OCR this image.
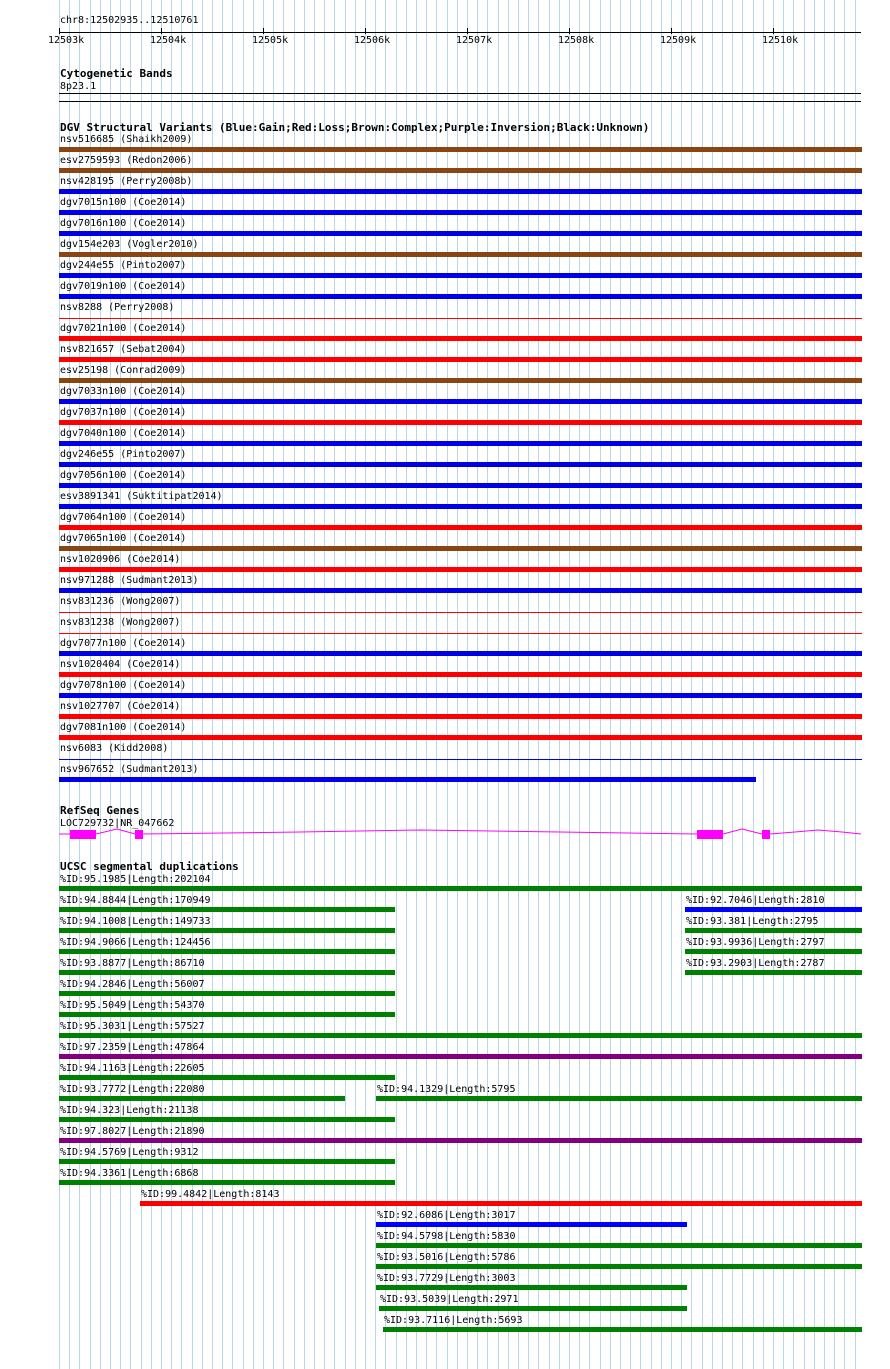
chr8:12502935..12510761
12503k	12504k	12505k	12506k	12507k	12508k	12509k	12510k
Cytogenetic Bands
8p23.1
DGV Structural Variants (Blue:Gain;Red:Loss;Brown:Complex;Purple:Inversion;Black:Unknown)
nsv516685 (Shaikh2009)
esv2759593 (Redon2006)
nsv428195 (Perry2008b)
dgv7015n100 (Coe2014)
dgv7016n100 (Coe2014)
dgv154e203 (Vogler2010)
dgv244e55 (Pinto2007)
dgv7019n100 (Coe2014)
nsv8288 (Perry2008)
dgv7021n100 (Coe2014)
nsv821657 (Sebat2004)
esv25198 (Conrad2009)
dgv7033n100 (Coe2014)
dgv7037n100 (Coe2014)
dgv7040n100 (Coe2014)
dgv246e55 (Pinto2007)
dgv7056n100 (Coe2014)
esv3891341 (Suktitipat2014)
dgv7064n100 (Coe2014)
dgv7065n100 (Coe2014)
nsv1020906 (Coe2014)
nsv971288 (Sudmant2013)
nsv831236 (Wong2007)
nsv831238 (Wong2007)
dgv7077n100 (Coe2014)
nsv1020404 (Coe2014)
dgv7078n100 (Coe2014)
nsv1027707 (Coe2014)
dgv7081n100 (Coe2014)
nsv6083 (Kidd2008)
nsv967652 (Sudmant2013)
RefSeq Genes
LOC729732|NR_047662
UCSC segmental duplications
%ID:95.1985|Length:202104
%ID:94.8844|Length:170949	%ID:92.7046|Length:2810
%ID:94.1008|Length:149733	%ID:93.381|Length:2795
%ID:94.9066|Length:124456	%ID:93.9936|Length:2797
%ID:93.8877|Length:86710	%ID:93.2903|Length:2787
%ID:94.2846|Length:56007
%ID:95.5049|Length:54370
%ID:95.3031|Length:57527
%ID:97.2359|Length:47864
%ID:94.1163|Length:22605
%ID:93.7772|Length:22080	%ID:94.1329|Length:5795
%ID:94.323|Length:21138
%ID:97.8027|Length:21890
%ID:94.5769|Length:9312
%ID:94.3361|Length:6868
%ID:99.4842|Length:8143
%ID:92.6086|Length:3017
%ID:94.5798|Length:5830
%ID:93.5016|Length:5786
%ID:93.7729|Length:3003
%ID:93.5039|Length:2971
%ID:93.7116|Length:5693
